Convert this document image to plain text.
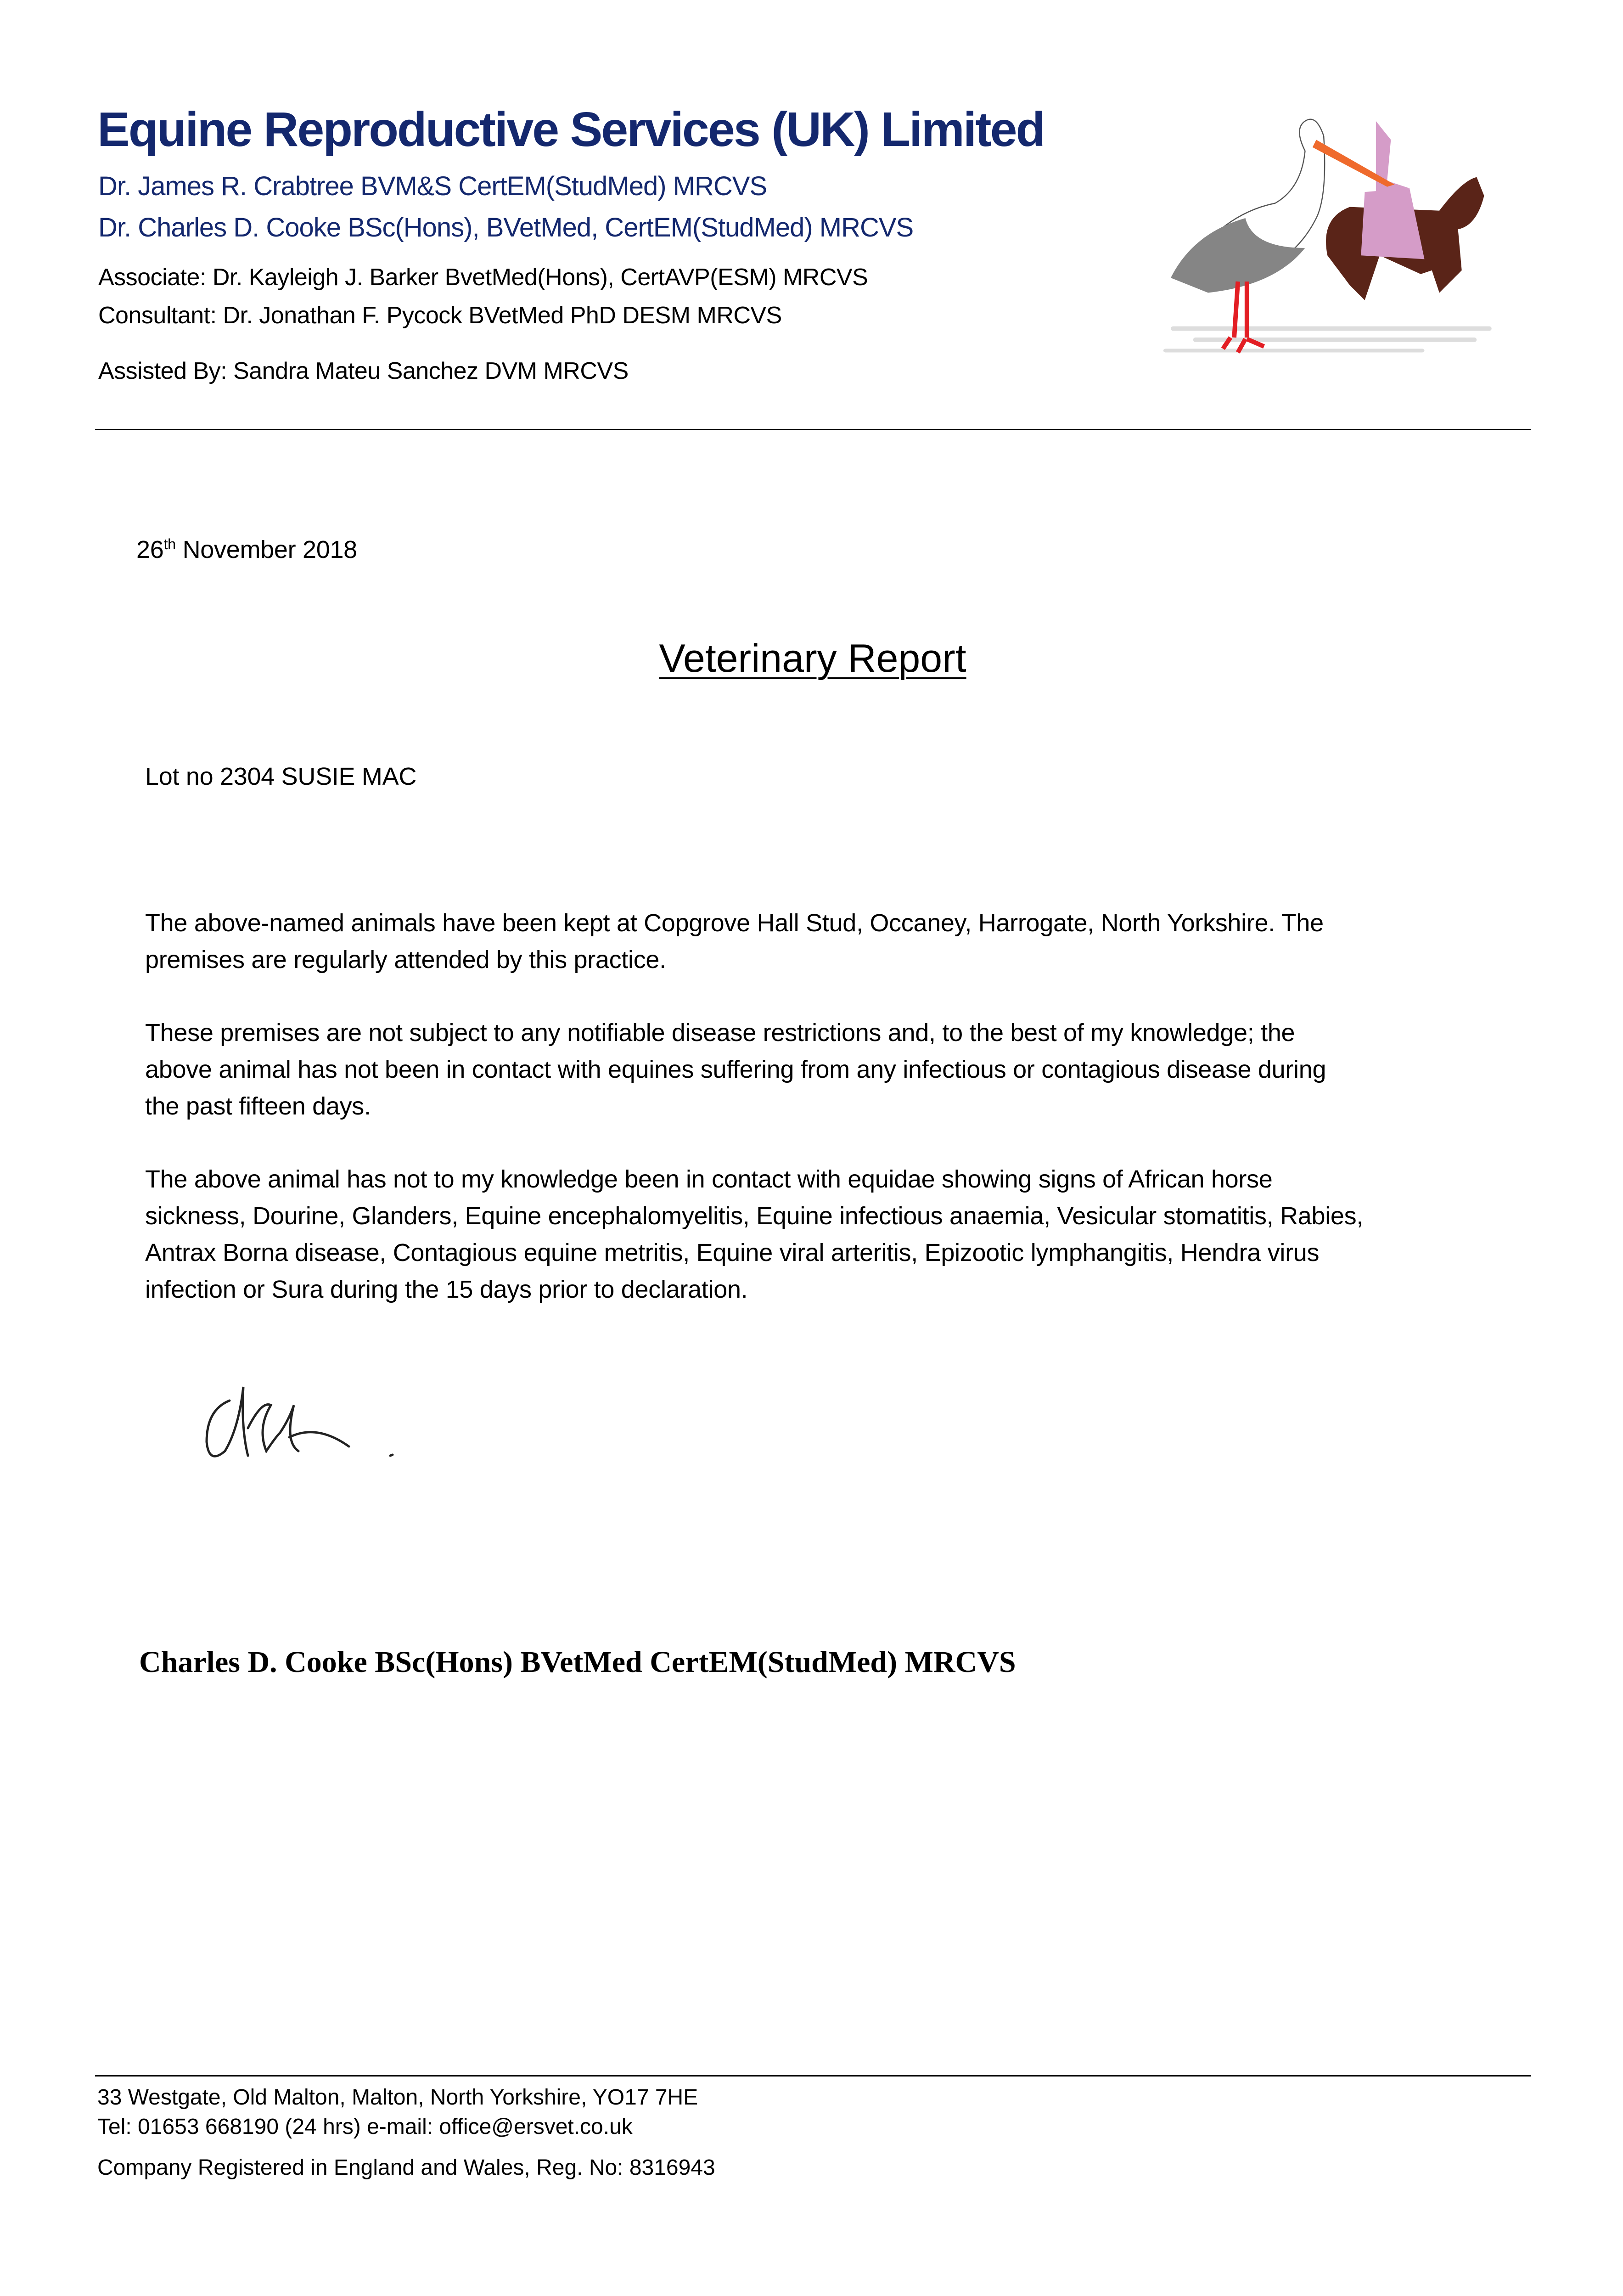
Equine Reproductive Services (UK) Limited
Dr. James R. Crabtree BVM&S CertEM(StudMed) MRCVS
Dr. Charles D. Cooke BSc(Hons), BVetMed, CertEM(StudMed) MRCVS
Associate: Dr. Kayleigh J. Barker BvetMed(Hons), CertAVP(ESM) MRCVS
Consultant: Dr. Jonathan F. Pycock BVetMed PhD DESM MRCVS
Assisted By: Sandra Mateu Sanchez DVM MRCVS
26th November 2018
Veterinary Report
Lot no 2304 SUSIE MAC
The above-named animals have been kept at Copgrove Hall Stud, Occaney, Harrogate, North Yorkshire. The
premises are regularly attended by this practice.
These premises are not subject to any notifiable disease restrictions and, to the best of my knowledge; the
above animal has not been in contact with equines suffering from any infectious or contagious disease during
the past fifteen days.
The above animal has not to my knowledge been in contact with equidae showing signs of African horse
sickness, Dourine, Glanders, Equine encephalomyelitis, Equine infectious anaemia, Vesicular stomatitis, Rabies,
Antrax Borna disease, Contagious equine metritis, Equine viral arteritis, Epizootic lymphangitis, Hendra virus
infection or Sura during the 15 days prior to declaration.
Charles D. Cooke BSc(Hons) BVetMed CertEM(StudMed) MRCVS
33 Westgate, Old Malton, Malton, North Yorkshire, YO17 7HE
Tel: 01653 668190 (24 hrs) e-mail: office@ersvet.co.uk
Company Registered in England and Wales, Reg. No: 8316943
